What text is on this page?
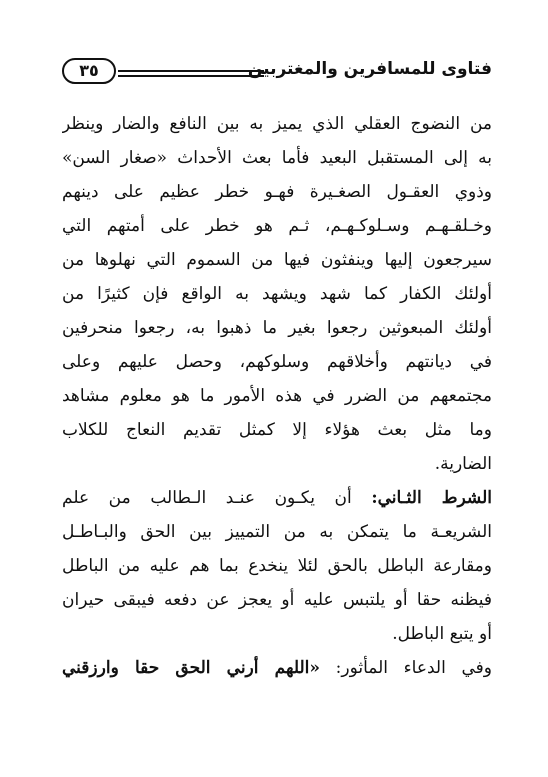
فتاوى للمسافرين والمغتربين
٣٥
من النضوج العقلي الذي يميز به بين النافع والضار وينظر
به إلى المستقبل البعيد فأما بعث الأحداث «صغار السن»
وذوي العقـول الصغـيرة فهـو خطر عظيم على دينهم
وخـلقـهـم وسـلوكـهـم، ثـم هو خطر على أمتهم التي
سيرجعون إليها وينفثون فيها من السموم التي نهلوها من
أولئك الكفار كما شهد ويشهد به الواقع فإن كثيرًا من
أولئك المبعوثين رجعوا بغير ما ذهبوا به، رجعوا منحرفين
في ديانتهم وأخلاقهم وسلوكهم، وحصل عليهم وعلى
مجتمعهم من الضرر في هذه الأمور ما هو معلوم مشاهد
وما مثل بعث هؤلاء إلا كمثل تقديم النعاج للكلاب
الضارية.
الشرط الثـاني: أن يكـون عنـد الـطالب من علم
الشريعـة ما يتمكن به من التمييز بين الحق والبـاطـل
ومقارعة الباطل بالحق لئلا ينخدع بما هم عليه من الباطل
فيظنه حقا أو يلتبس عليه أو يعجز عن دفعه فيبقى حيران
أو يتبع الباطل.
وفي الدعاء المأثور: «اللهم أرني الحق حقا وارزقني
